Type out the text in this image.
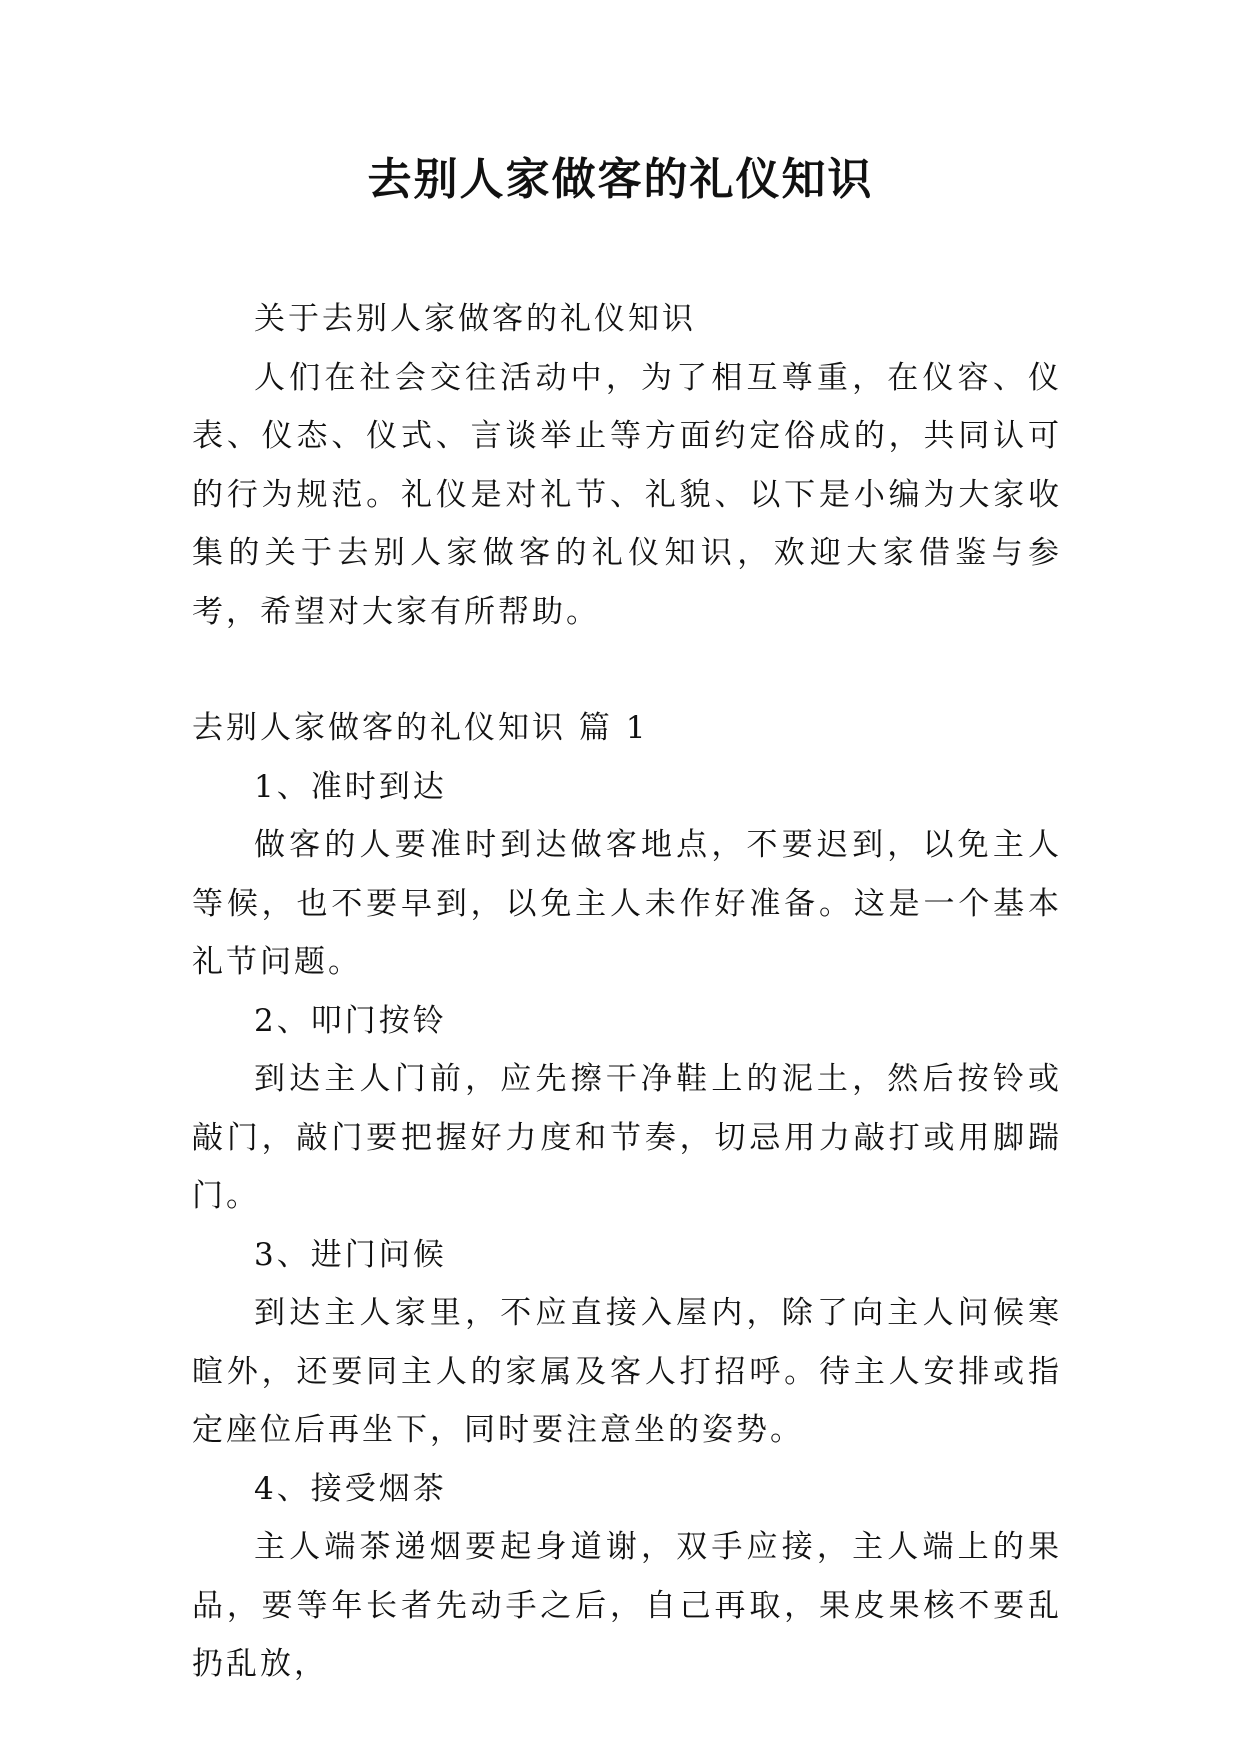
去别人家做客的礼仪知识

关于去别人家做客的礼仪知识

人们在社会交往活动中，为了相互尊重，在仪容、仪表、仪态、仪式、言谈举止等方面约定俗成的，共同认可的行为规范。礼仪是对礼节、礼貌、以下是小编为大家收集的关于去别人家做客的礼仪知识，欢迎大家借鉴与参考，希望对大家有所帮助。

去别人家做客的礼仪知识 篇 1

1、准时到达

做客的人要准时到达做客地点，不要迟到，以免主人等候，也不要早到，以免主人未作好准备。这是一个基本礼节问题。

2、叩门按铃

到达主人门前，应先擦干净鞋上的泥土，然后按铃或敲门，敲门要把握好力度和节奏，切忌用力敲打或用脚踹门。

3、进门问候

到达主人家里，不应直接入屋内，除了向主人问候寒暄外，还要同主人的家属及客人打招呼。待主人安排或指定座位后再坐下，同时要注意坐的姿势。

4、接受烟茶

主人端茶递烟要起身道谢，双手应接，主人端上的果品，要等年长者先动手之后，自己再取，果皮果核不要乱扔乱放，
